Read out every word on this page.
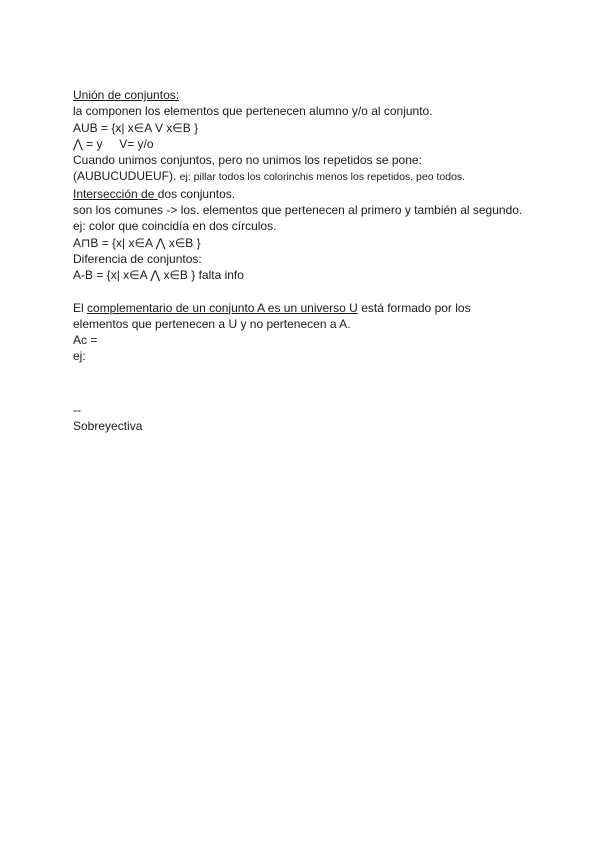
Unión de conjuntos:

la componen los elementos que pertenecen alumno y/o al conjunto.

AUB = {x| x∈A V x∈B }

⋀ = y     V= y/o

Cuando unimos conjuntos, pero no unimos los repetidos se pone:

(AUBUCUDUEUF). ej: pillar todos los colorinchis menos los repetidos, peo todos.

Intersección de dos conjuntos.

son los comunes -> los. elementos que pertenecen al primero y también al segundo.

ej: color que coincidía en dos círculos.

A⊓B = {x| x∈A ⋀ x∈B }

Diferencia de conjuntos:

A-B = {x| x∈A ⋀ x∈B } falta info

El complementario de un conjunto A es un universo U está formado por los

elementos que pertenecen a U y no pertenecen a A.

Ac =

ej:

--

Sobreyectiva
